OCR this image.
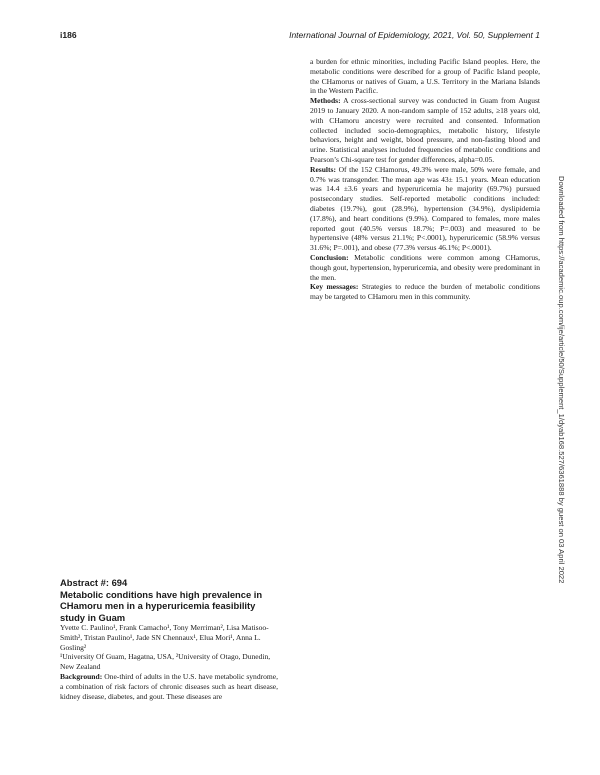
i186	International Journal of Epidemiology, 2021, Vol. 50, Supplement 1

Abstract #: 694

Metabolic conditions have high prevalence in CHamoru men in a hyperuricemia feasibility study in Guam

Yvette C. Paulino¹, Frank Camacho¹, Tony Merriman², Lisa Matisoo-Smith², Tristan Paulino¹, Jade SN Chennaux¹, Elua Mori¹, Anna L. Gosling²

¹University Of Guam, Hagatna, USA, ²University of Otago, Dunedin, New Zealand

Background: One-third of adults in the U.S. have metabolic syndrome, a combination of risk factors of chronic diseases such as heart disease, kidney disease, diabetes, and gout. These diseases are

a burden for ethnic minorities, including Pacific Island peoples. Here, the metabolic conditions were described for a group of Pacific Island people, the CHamorus or natives of Guam, a U.S. Territory in the Mariana Islands in the Western Pacific.

Methods: A cross-sectional survey was conducted in Guam from August 2019 to January 2020. A non-random sample of 152 adults, ≥18 years old, with CHamoru ancestry were recruited and consented. Information collected included socio-demographics, metabolic history, lifestyle behaviors, height and weight, blood pressure, and non-fasting blood and urine. Statistical analyses included frequencies of metabolic conditions and Pearson’s Chi-square test for gender differences, alpha=0.05.

Results: Of the 152 CHamorus, 49.3% were male, 50% were female, and 0.7% was transgender. The mean age was 43± 15.1 years. Mean education was 14.4 ±3.6 years and hyperuricemia he majority (69.7%) pursued postsecondary studies. Self-reported metabolic conditions included: diabetes (19.7%), gout (28.9%), hypertension (34.9%), dyslipidemia (17.8%), and heart conditions (9.9%). Compared to females, more males reported gout (40.5% versus 18.7%; P=.003) and measured to be hypertensive (48% versus 21.1%; P<.0001), hyperuricemic (58.9% versus 31.6%; P=.001), and obese (77.3% versus 46.1%; P<.0001).

Conclusion: Metabolic conditions were common among CHamorus, though gout, hypertension, hyperuricemia, and obesity were predominant in the men.

Key messages: Strategies to reduce the burden of metabolic conditions may be targeted to CHamoru men in this community.	Downloaded from https://academic.oup.com/ije/article/50/Supplement_1/dyab168.527/6361888 by guest on 03 April 2022
